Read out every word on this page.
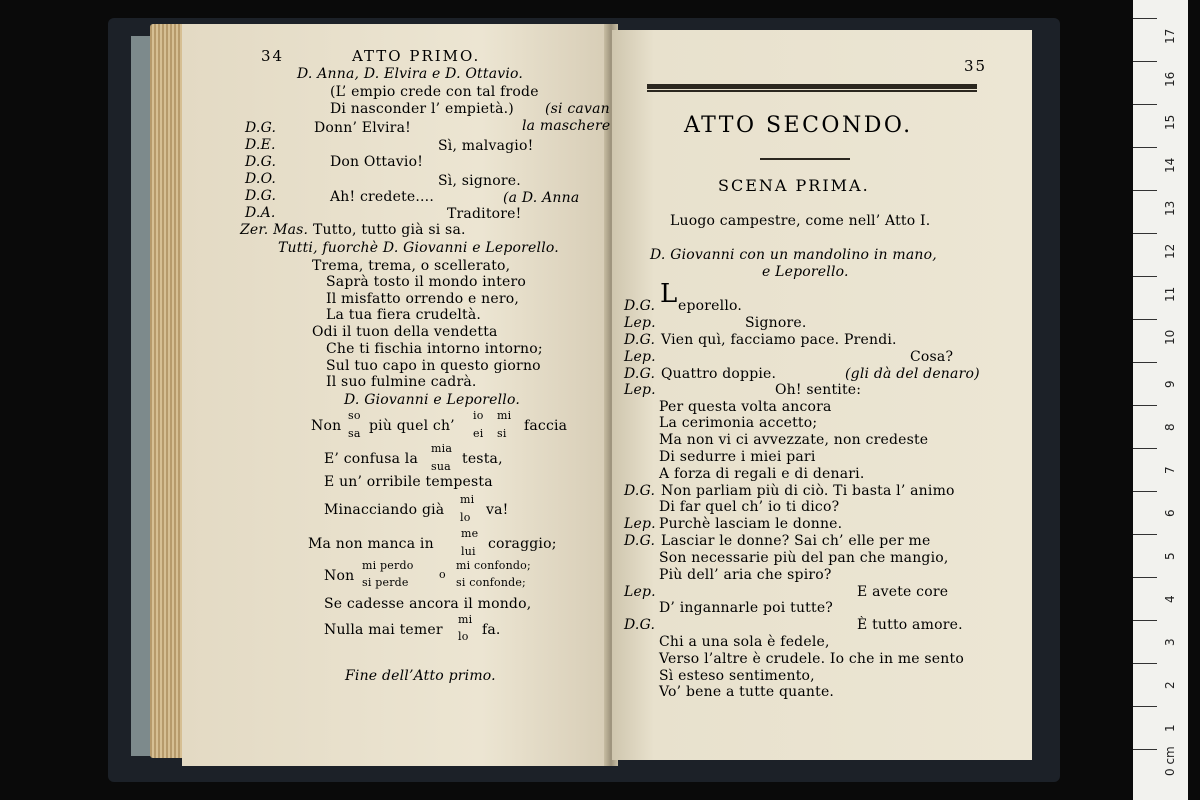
34	ATTO PRIMO.
D. Anna, D. Elvira e D. Ottavio.
(L’ empio crede con tal frode
Di nasconder l’ empietà.) (si cavan
la maschere
D.G.	Donn’ Elvira!
D.E.	Sì, malvagio!
D.G.	Don Ottavio!
D.O.	Sì, signore.
D.G.	Ah! credete....	(a D. Anna
D.A.	Traditore!
Zer. Mas. Tutto, tutto già si sa.
Tutti, fuorchè D. Giovanni e Leporello.
Trema, trema, o scellerato,
Saprà tosto il mondo intero
Il misfatto orrendo e nero,
La tua fiera crudeltà.
Odi il tuon della vendetta
Che ti fischia intorno intorno;
Sul tuo capo in questo giorno
Il suo fulmine cadrà.
D. Giovanni e Leporello.
Non
so
sa più quel ch’
io
ei
mi
si faccia
E’ confusa la
mia
sua testa,
E un’ orribile tempesta
Minacciando già
mi
lo va!
Ma non manca in
me
lui coraggio;
Non
mi perdo
si perde
o
mi confondo;
si confonde;
Se cadesse ancora il mondo,
Nulla mai temer
mi
lo fa.
Fine dell’Atto primo.
35
ATTO SECONDO.
SCENA PRIMA.
Luogo campestre, come nell’ Atto I.
D. Giovanni con un mandolino in mano,
e Leporello.
D.G. L eporello.
Lep.	Signore.
D.G. Vien quì, facciamo pace. Prendi.
Lep.	Cosa?
D.G. Quattro doppie.	(gli dà del denaro)
Lep.	Oh! sentite:
Per questa volta ancora
La cerimonia accetto;
Ma non vi ci avvezzate, non credeste
Di sedurre i miei pari
A forza di regali e di denari.
D.G. Non parliam più di ciò. Ti basta l’ animo
Di far quel ch’ io ti dico?
Lep. Purchè lasciam le donne.
D.G. Lasciar le donne? Sai ch’ elle per me
Son necessarie più del pan che mangio,
Più dell’ aria che spiro?
Lep.	E avete core
D’ ingannarle poi tutte?
D.G.	È tutto amore.
Chi a una sola è fedele,
Verso l’altre è crudele. Io che in me sento
Sì esteso sentimento,
Vo’ bene a tutte quante.
17
16
15
14
13
12
11
10
9
8
7
6
5
4
3
2
1
0 cm
